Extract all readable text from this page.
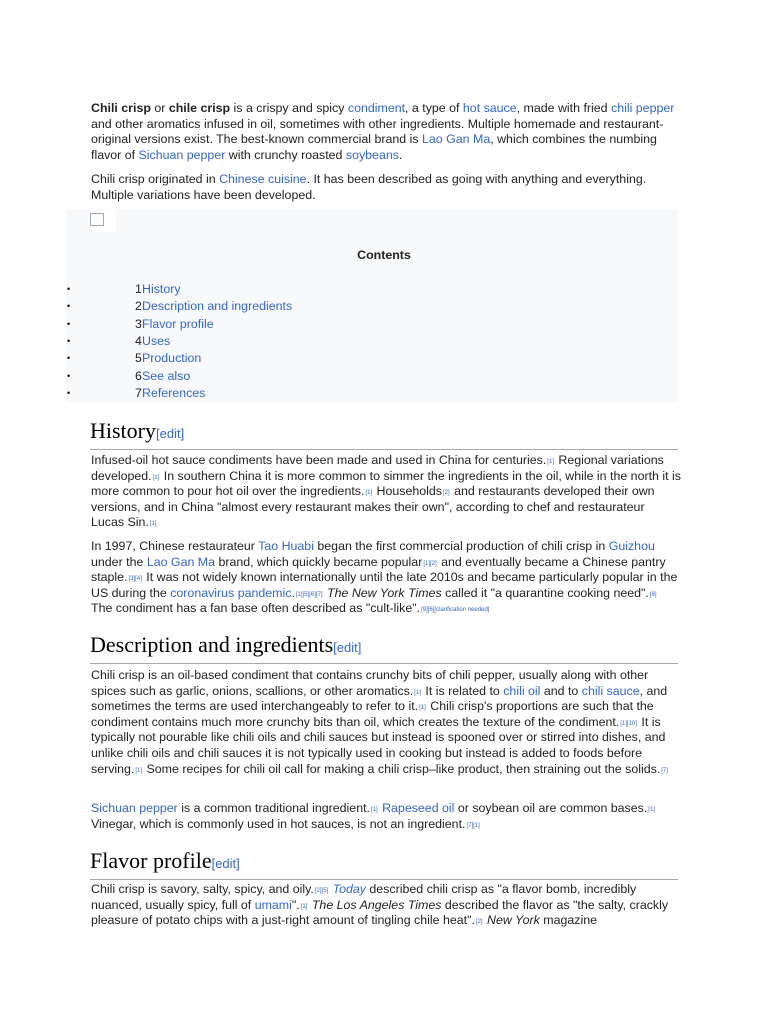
Chili crisp or chile crisp is a crispy and spicy condiment, a type of hot sauce, made with fried chili pepper and other aromatics infused in oil, sometimes with other ingredients. Multiple homemade and restaurant-original versions exist. The best-known commercial brand is Lao Gan Ma, which combines the numbing flavor of Sichuan pepper with crunchy roasted soybeans.

Chili crisp originated in Chinese cuisine. It has been described as going with anything and everything. Multiple variations have been developed.

Contents
•	1 History
•	2 Description and ingredients
•	3 Flavor profile
•	4 Uses
•	5 Production
•	6 See also
•	7 References
History[edit]

Infused-oil hot sauce condiments have been made and used in China for centuries.[1] Regional variations developed.[1] In southern China it is more common to simmer the ingredients in the oil, while in the north it is more common to pour hot oil over the ingredients.[1] Households[2] and restaurants developed their own versions, and in China "almost every restaurant makes their own", according to chef and restaurateur Lucas Sin.[1]

In 1997, Chinese restaurateur Tao Huabi began the first commercial production of chili crisp in Guizhou under the Lao Gan Ma brand, which quickly became popular[1][2] and eventually became a Chinese pantry staple.[3][4] It was not widely known internationally until the late 2010s and became particularly popular in the US during the coronavirus pandemic.[1][5][6][7] The New York Times called it "a quarantine cooking need".[8] The condiment has a fan base often described as "cult-like".[9][6][clarification needed]

Description and ingredients[edit]

Chili crisp is an oil-based condiment that contains crunchy bits of chili pepper, usually along with other spices such as garlic, onions, scallions, or other aromatics.[1] It is related to chili oil and to chili sauce, and sometimes the terms are used interchangeably to refer to it.[1] Chili crisp's proportions are such that the condiment contains much more crunchy bits than oil, which creates the texture of the condiment.[1][10] It is typically not pourable like chili oils and chili sauces but instead is spooned over or stirred into dishes, and unlike chili oils and chili sauces it is not typically used in cooking but instead is added to foods before serving.[1] Some recipes for chili oil call for making a chili crisp–like product, then straining out the solids.[7]

Sichuan pepper is a common traditional ingredient.[1] Rapeseed oil or soybean oil are common bases.[1] Vinegar, which is commonly used in hot sauces, is not an ingredient.[7][1]

Flavor profile[edit]

Chili crisp is savory, salty, spicy, and oily.[2][5] Today described chili crisp as "a flavor bomb, incredibly nuanced, usually spicy, full of umami".[1] The Los Angeles Times described the flavor as "the salty, crackly pleasure of potato chips with a just-right amount of tingling chile heat".[2] New York magazine
